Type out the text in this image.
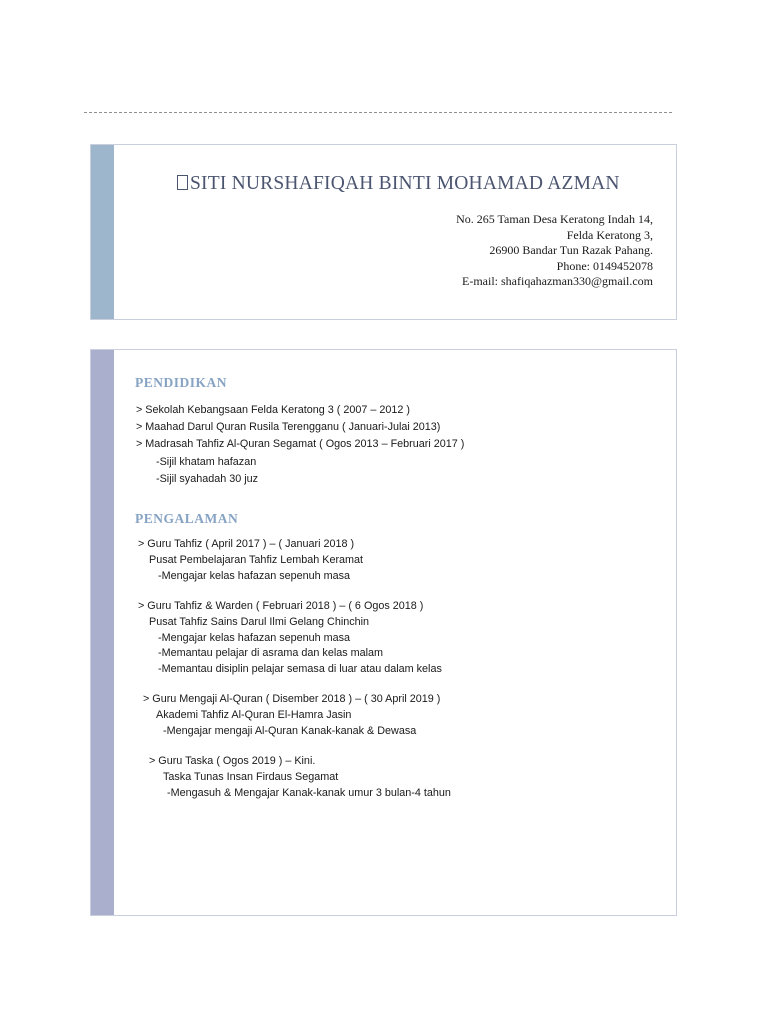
SITI NURSHAFIQAH BINTI MOHAMAD AZMAN
No. 265 Taman Desa Keratong Indah 14,
Felda Keratong 3,
26900 Bandar Tun Razak Pahang.
Phone: 0149452078
E-mail: shafiqahazman330@gmail.com
PENDIDIKAN
> Sekolah Kebangsaan Felda Keratong 3 ( 2007 – 2012 )
> Maahad Darul Quran Rusila Terengganu ( Januari-Julai 2013)
> Madrasah Tahfiz Al-Quran Segamat ( Ogos 2013 – Februari 2017 )
-Sijil khatam hafazan
-Sijil syahadah 30 juz
PENGALAMAN
> Guru Tahfiz ( April 2017 ) – ( Januari 2018 )
Pusat Pembelajaran Tahfiz Lembah Keramat
-Mengajar kelas hafazan sepenuh masa
> Guru Tahfiz & Warden ( Februari 2018 ) – ( 6 Ogos 2018 )
Pusat Tahfiz Sains Darul Ilmi Gelang Chinchin
-Mengajar kelas hafazan sepenuh masa
-Memantau pelajar di asrama dan kelas malam
-Memantau disiplin pelajar semasa di luar atau dalam kelas
> Guru Mengaji Al-Quran ( Disember 2018 ) – ( 30 April 2019 )
Akademi Tahfiz Al-Quran El-Hamra Jasin
-Mengajar mengaji Al-Quran Kanak-kanak & Dewasa
> Guru Taska ( Ogos 2019 ) – Kini.
Taska Tunas Insan Firdaus Segamat
-Mengasuh & Mengajar Kanak-kanak umur 3 bulan-4 tahun
